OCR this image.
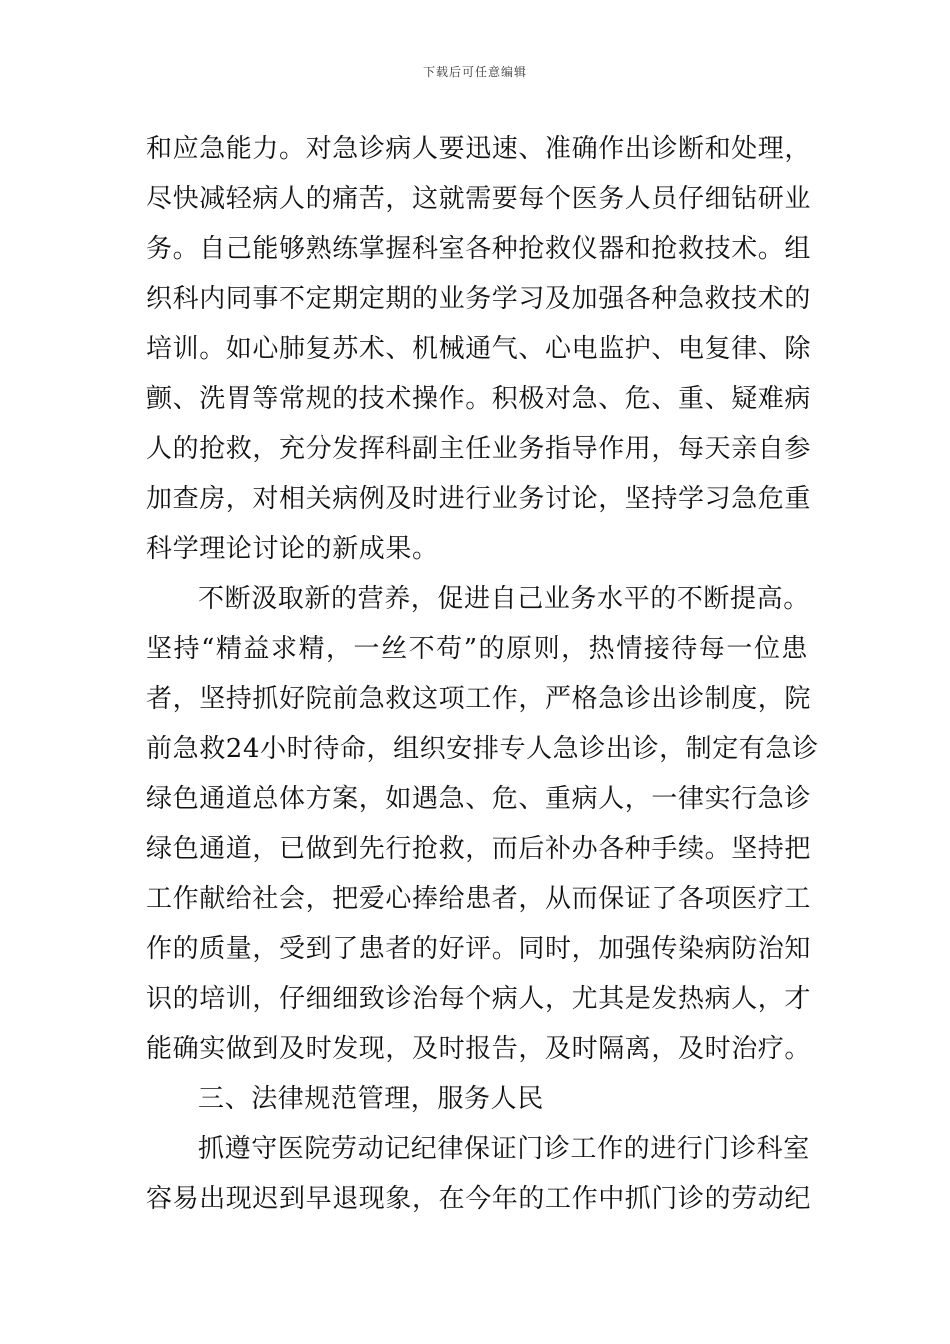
下载后可任意编辑
和应急能力。对急诊病人要迅速、准确作出诊断和处理，
尽快减轻病人的痛苦，这就需要每个医务人员仔细钻研业
务。自己能够熟练掌握科室各种抢救仪器和抢救技术。组
织科内同事不定期定期的业务学习及加强各种急救技术的
培训。如心肺复苏术、机械通气、心电监护、电复律、除
颤、洗胃等常规的技术操作。积极对急、危、重、疑难病
人的抢救，充分发挥科副主任业务指导作用，每天亲自参
加查房，对相关病例及时进行业务讨论，坚持学习急危重
科学理论讨论的新成果。
不断汲取新的营养，促进自己业务水平的不断提高。
坚持“精益求精，一丝不苟”的原则，热情接待每一位患
者，坚持抓好院前急救这项工作，严格急诊出诊制度，院
前急救24小时待命，组织安排专人急诊出诊，制定有急诊
绿色通道总体方案，如遇急、危、重病人，一律实行急诊
绿色通道，已做到先行抢救，而后补办各种手续。坚持把
工作献给社会，把爱心捧给患者，从而保证了各项医疗工
作的质量，受到了患者的好评。同时，加强传染病防治知
识的培训，仔细细致诊治每个病人，尤其是发热病人，才
能确实做到及时发现，及时报告，及时隔离，及时治疗。
三、法律规范管理，服务人民
抓遵守医院劳动记纪律保证门诊工作的进行门诊科室
容易出现迟到早退现象，在今年的工作中抓门诊的劳动纪
